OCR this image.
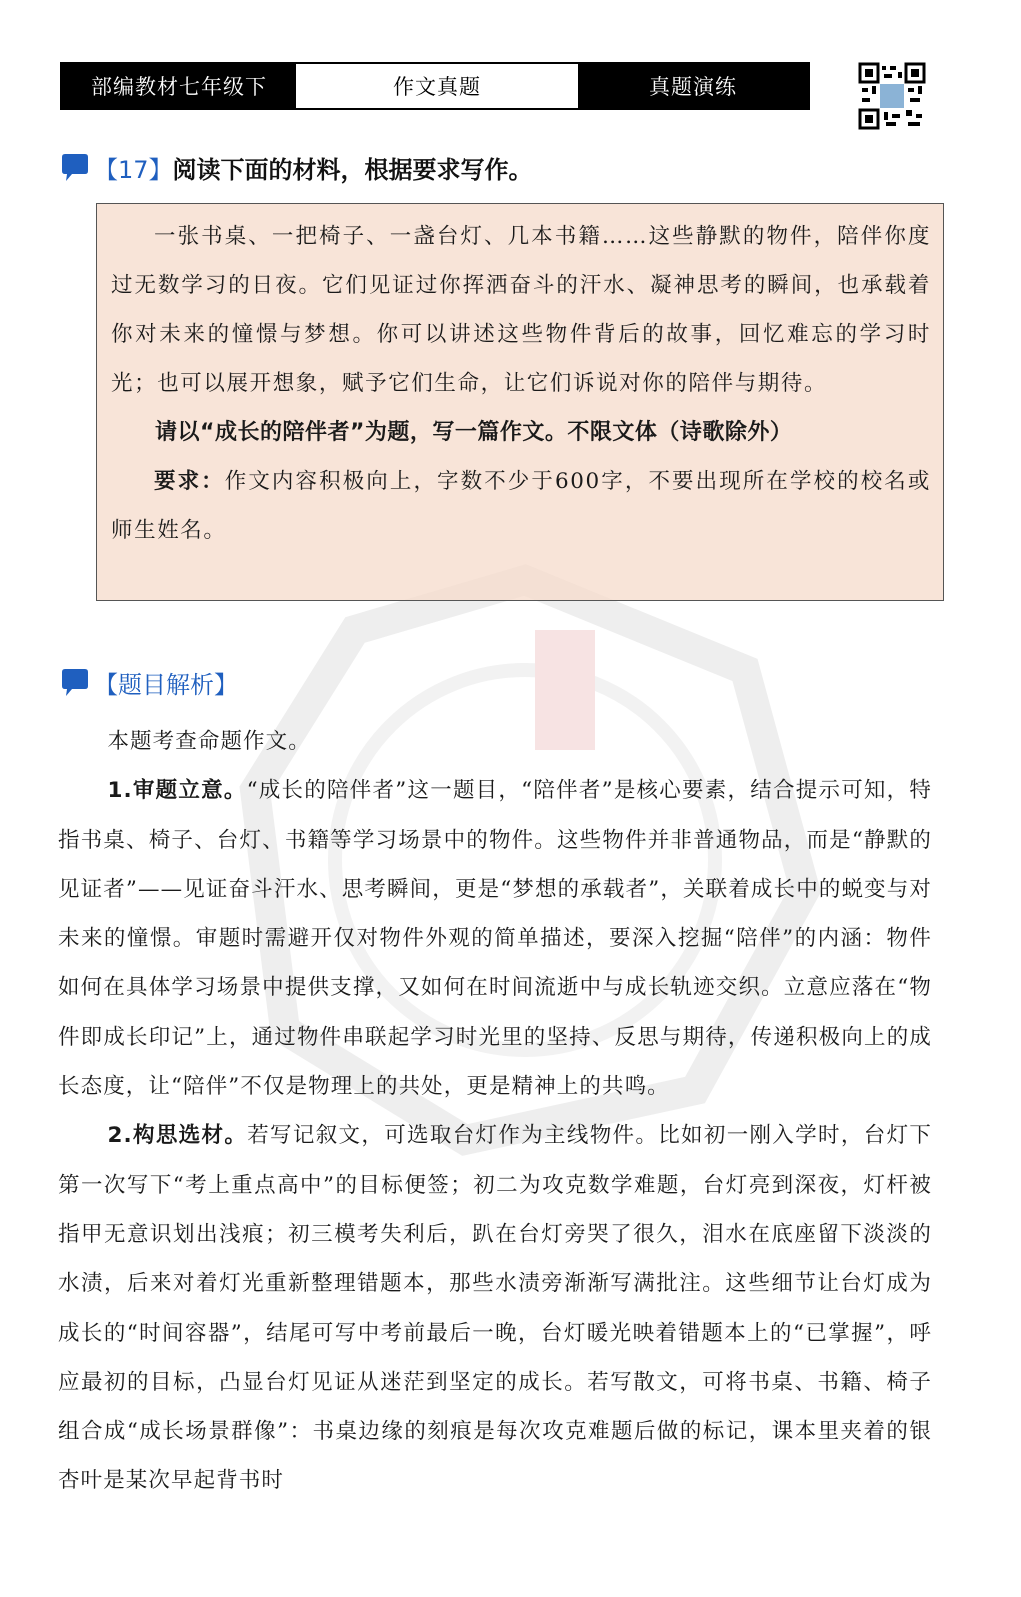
部编教材七年级下	作文真题	真题演练
【17】 阅读下面的材料，根据要求写作。

一张书桌、一把椅子、一盏台灯、几本书籍……这些静默的物件，陪伴你度过无数学习的日夜。它们见证过你挥洒奋斗的汗水、凝神思考的瞬间，也承载着你对未来的憧憬与梦想。你可以讲述这些物件背后的故事，回忆难忘的学习时光；也可以展开想象，赋予它们生命，让它们诉说对你的陪伴与期待。

请以“成长的陪伴者”为题，写一篇作文。不限文体（诗歌除外）

要求：作文内容积极向上，字数不少于600字，不要出现所在学校的校名或师生姓名。

【题目解析】

本题考查命题作文。

1.审题立意。“成长的陪伴者”这一题目，“陪伴者”是核心要素，结合提示可知，特指书桌、椅子、台灯、书籍等学习场景中的物件。这些物件并非普通物品，而是“静默的见证者”——见证奋斗汗水、思考瞬间，更是“梦想的承载者”，关联着成长中的蜕变与对未来的憧憬。审题时需避开仅对物件外观的简单描述，要深入挖掘“陪伴”的内涵：物件如何在具体学习场景中提供支撑，又如何在时间流逝中与成长轨迹交织。立意应落在“物件即成长印记”上，通过物件串联起学习时光里的坚持、反思与期待，传递积极向上的成长态度，让“陪伴”不仅是物理上的共处，更是精神上的共鸣。

2.构思选材。若写记叙文，可选取台灯作为主线物件。比如初一刚入学时，台灯下第一次写下“考上重点高中”的目标便签；初二为攻克数学难题，台灯亮到深夜，灯杆被指甲无意识划出浅痕；初三模考失利后，趴在台灯旁哭了很久，泪水在底座留下淡淡的水渍，后来对着灯光重新整理错题本，那些水渍旁渐渐写满批注。这些细节让台灯成为成长的“时间容器”，结尾可写中考前最后一晚，台灯暖光映着错题本上的“已掌握”，呼应最初的目标，凸显台灯见证从迷茫到坚定的成长。若写散文，可将书桌、书籍、椅子组合成“成长场景群像”：书桌边缘的刻痕是每次攻克难题后做的标记，课本里夹着的银杏叶是某次早起背书时
